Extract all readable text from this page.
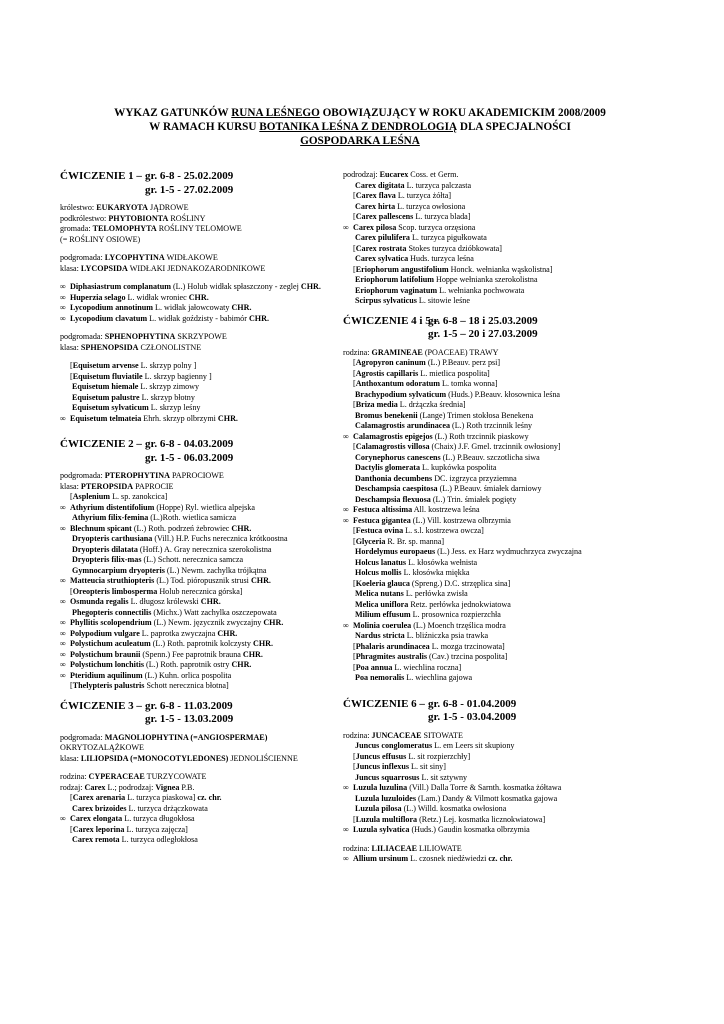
WYKAZ GATUNKÓW RUNA LEŚNEGO OBOWIĄZUJĄCY W ROKU AKADEMICKIM 2008/2009
W RAMACH KURSU BOTANIKA LEŚNA Z DENDROLOGIĄ DLA SPECJALNOŚCI
GOSPODARKA LEŚNA
ĆWICZENIE 1 – gr. 6-8 - 25.02.2009
gr. 1-5 - 27.02.2009
królestwo: EUKARYOTA JĄDROWE
podkrólestwo: PHYTOBIONTA ROŚLINY
gromada: TELOMOPHYTA ROŚLINY TELOMOWE
(= ROŚLINY OSIOWE)
podgromada: LYCOPHYTINA WIDŁAKOWE
klasa: LYCOPSIDA WIDŁAKI JEDNAKOZARODNIKOWE
∞ Diphasiastrum complanatum (L.) Holub widłak spłaszczony - zeglej CHR.
∞ Huperzia selago L. widłak wroniec CHR.
∞ Lycopodium annotinum L. widłak jałowcowaty CHR.
∞ Lycopodium clavatum L. widłak goździsty - babimór CHR.
podgromada: SPHENOPHYTINA SKRZYPOWE
klasa: SPHENOPSIDA CZŁONOLISTNE
[Equisetum arvense L. skrzyp polny ]
[Equisetum fluviatile L. skrzyp bagienny ]
Equisetum hiemale L. skrzyp zimowy
Equisetum palustre L. skrzyp błotny
Equisetum sylvaticum L. skrzyp leśny
∞ Equisetum telmateia Ehrh. skrzyp olbrzymi CHR.
ĆWICZENIE 2 – gr. 6-8 - 04.03.2009
gr. 1-5 - 06.03.2009
podgromada: PTEROPHYTINA PAPROCIOWE
klasa: PTEROPSIDA PAPROCIE
[Asplenium L. sp. zanokcica]
∞ Athyrium distentifolium (Hoppe) Ryl. wietlica alpejska
Athyrium filix-femina (L.)Roth. wietlica samicza
∞ Blechnum spicant (L.) Roth. podrzeń żebrowiec CHR.
Dryopteris carthusiana (Vill.) H.P. Fuchs nerecznica krótkoostna
Dryopteris dilatata (Hoff.) A. Gray nerecznica szerokolistna
Dryopteris filix-mas (L.) Schott. nerecznica samcza
Gymnocarpium dryopteris (L.) Newm. zachylka trójkątna
∞ Matteucia struthiopteris (L.) Tod. pióropusznik strusi CHR.
[Oreopteris limbosperma Holub nerecznica górska]
∞ Osmunda regalis L. długosz królewski CHR.
Phegopteris connectilis (Michx.) Watt zachylka oszczepowata
∞ Phyllitis scolopendrium (L.) Newm. języcznik zwyczajny CHR.
∞ Polypodium vulgare L. paprotka zwyczajna CHR.
∞ Polystichum aculeatum (L.) Roth. paprotnik kolczysty CHR.
∞ Polystichum braunii (Spenn.) Fee paprotnik brauna CHR.
∞ Polystichum lonchitis (L.) Roth. paprotnik ostry CHR.
∞ Pteridium aquilinum (L.) Kuhn. orlica pospolita
[Thelypteris palustris Schott nerecznica błotna]
ĆWICZENIE 3 – gr. 6-8 - 11.03.2009
gr. 1-5 - 13.03.2009
podgromada: MAGNOLIOPHYTINA (=ANGIOSPERMAE)
OKRYTOZALĄŻKOWE
klasa: LILIOPSIDA (=MONOCOTYLEDONES) JEDNOLIŚCIENNE
rodzina: CYPERACEAE TURZYCOWATE
rodzaj: Carex L.; podrodzaj: Vignea P.B.
[Carex arenaria L. turzyca piaskowa] cz. chr.
Carex brizoides L. turzyca drżączkowata
∞ Carex elongata L. turzyca długokłosa
[Carex leporina L. turzyca zajęcza]
Carex remota L. turzyca odległokłosa
podrodzaj: Eucarex Coss. et Germ.
Carex digitata L. turzyca palczasta
[Carex flava L. turzyca żółta]
Carex hirta L. turzyca owłosiona
[Carex pallescens L. turzyca blada]
∞ Carex pilosa Scop. turzyca orzęsiona
Carex pilulifera L. turzyca pigułkowata
[Carex rostrata Stokes turzyca dzióbkowata]
Carex sylvatica Huds. turzyca leśna
[Eriophorum angustifolium Honck. wełnianka wąskolistna]
Eriophorum latifolium Hoppe wełnianka szerokolistna
Eriophorum vaginatum L. wełnianka pochwowata
Scirpus sylvaticus L. sitowie leśne
ĆWICZENIE 4 i 5 –gr. 6-8 – 18 i 25.03.2009
gr. 1-5 – 20 i 27.03.2009
rodzina: GRAMINEAE (POACEAE) TRAWY
[Agropyron caninum (L.) P.Beauv. perz psi]
[Agrostis capillaris L. mietlica pospolita]
[Anthoxantum odoratum L. tomka wonna]
Brachypodium sylvaticum (Huds.) P.Beauv. kłosownica leśna
[Briza media L. drżączka średnia]
Bromus benekenii (Lange) Trimen stokłosa Benekena
Calamagrostis arundinacea (L.) Roth trzcinnik leśny
∞ Calamagrostis epigejos (L.) Roth trzcinnik piaskowy
[Calamagrostis villosa (Chaix) J.F. Gmel. trzcinnik owłosiony]
Corynephorus canescens (L.) P.Beauv. szczotlicha siwa
Dactylis glomerata L. kupkówka pospolita
Danthonia decumbens DC. izgrzyca przyziemna
Deschampsia caespitosa (L.) P.Beauv. śmiałek darniowy
Deschampsia flexuosa (L.) Trin. śmiałek pogięty
∞ Festuca altissima All. kostrzewa leśna
∞ Festuca gigantea (L.) Vill. kostrzewa olbrzymia
[Festuca ovina L. s.l. kostrzewa owcza]
[Glyceria R. Br. sp. manna]
Hordelymus europaeus (L.) Jess. ex Harz wydmuchrzyca zwyczajna
Holcus lanatus L. kłosówka wełnista
Holcus mollis L. kłosówka miękka
[Koeleria glauca (Spreng.) D.C. strzęplica sina]
Melica nutans L. perłówka zwisła
Melica uniflora Retz. perłówka jednokwiatowa
Milium effusum L. prosownica rozpierzchła
∞ Molinia coerulea (L.) Moench trzęślica modra
Nardus stricta L. bliźniczka psia trawka
[Phalaris arundinacea L. mozga trzcinowata]
[Phragmites australis (Cav.) trzcina pospolita]
[Poa annua L. wiechlina roczna]
Poa nemoralis L. wiechlina gajowa
ĆWICZENIE 6 – gr. 6-8 - 01.04.2009
gr. 1-5 - 03.04.2009
rodzina: JUNCACEAE SITOWATE
Juncus conglomeratus L. em Leers sit skupiony
[Juncus effusus L. sit rozpierzchły]
[Juncus inflexus L. sit siny]
Juncus squarrosus L. sit sztywny
∞ Luzula luzulina (Vill.) Dalla Torre & Sarnth. kosmatka żółtawa
Luzula luzuloides (Lam.) Dandy & Vilmott kosmatka gajowa
Luzula pilosa (L.) Willd. kosmatka owłosiona
[Luzula multiflora (Retz.) Lej. kosmatka licznokwiatowa]
∞ Luzula sylvatica (Huds.) Gaudin kosmatka olbrzymia
rodzina: LILIACEAE LILIOWATE
∞ Allium ursinum L. czosnek niedźwiedzi cz. chr.
